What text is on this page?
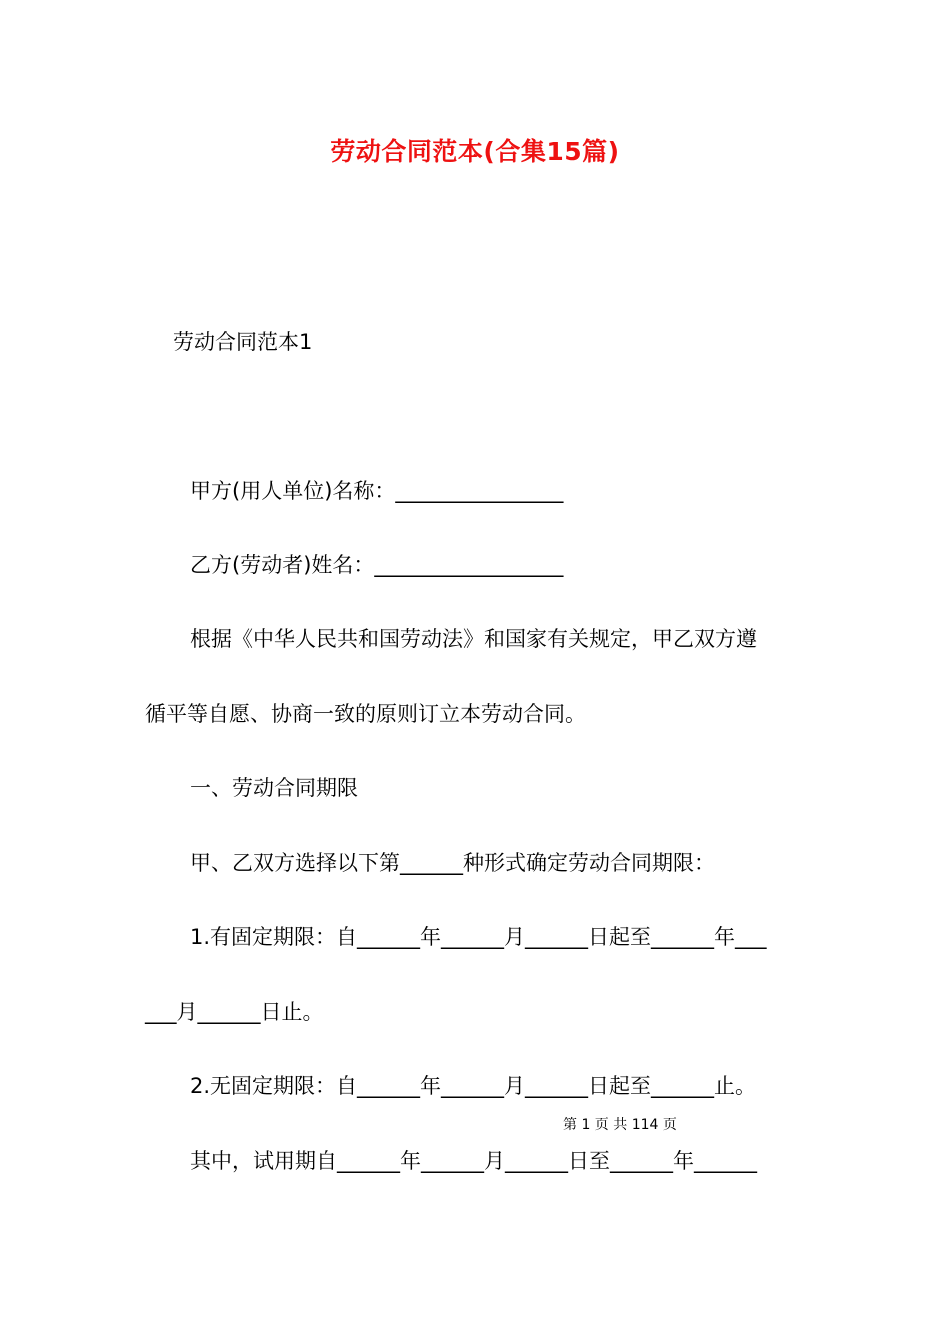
劳动合同范本(合集15篇)
劳动合同范本1
甲方(用人单位)名称：________________
乙方(劳动者)姓名：__________________
根据《中华人民共和国劳动法》和国家有关规定，甲乙双方遵
循平等自愿、协商一致的原则订立本劳动合同。
一、劳动合同期限
甲、乙双方选择以下第______种形式确定劳动合同期限：
1.有固定期限：自______年______月______日起至______年___
___月______日止。
2.无固定期限：自______年______月______日起至______止。
第 1 页 共 114 页
其中，试用期自______年______月______日至______年______
